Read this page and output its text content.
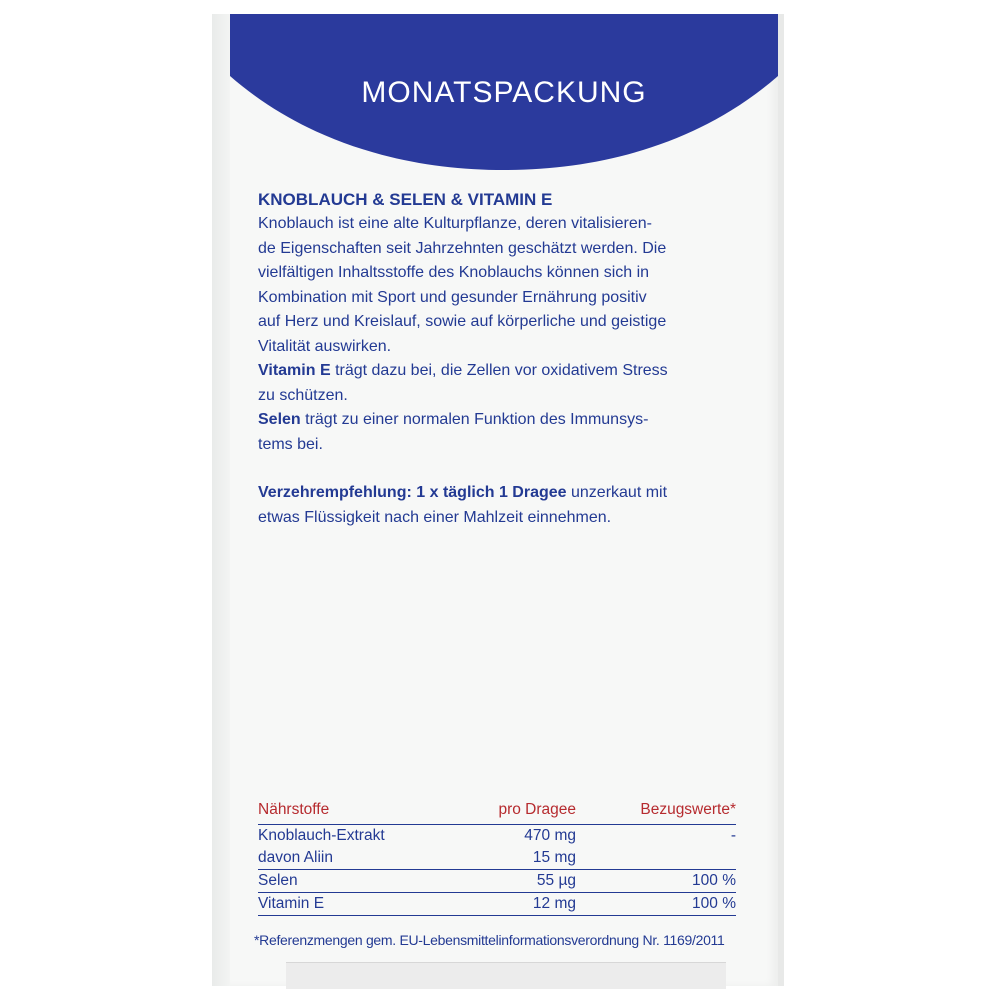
MONATSPACKUNG

KNOBLAUCH & SELEN & VITAMIN E

Knoblauch ist eine alte Kulturpflanze, deren vitalisieren-
de Eigenschaften seit Jahrzehnten geschätzt werden. Die
vielfältigen Inhaltsstoffe des Knoblauchs können sich in
Kombination mit Sport und gesunder Ernährung positiv
auf Herz und Kreislauf, sowie auf körperliche und geistige
Vitalität auswirken.

Vitamin E trägt dazu bei, die Zellen vor oxidativem Stress
zu schützen.

Selen trägt zu einer normalen Funktion des Immunsys-
tems bei.

Verzehrempfehlung: 1 x täglich 1 Dragee unzerkaut mit
etwas Flüssigkeit nach einer Mahlzeit einnehmen.

Nährstoffe	pro Dragee	Bezugswerte*
Knoblauch-Extrakt	470 mg	-
davon Aliin	15 mg	
Selen	55 µg	100 %
Vitamin E	12 mg	100 %
*Referenzmengen gem. EU-Lebensmittelinformationsverordnung Nr. 1169/2011
